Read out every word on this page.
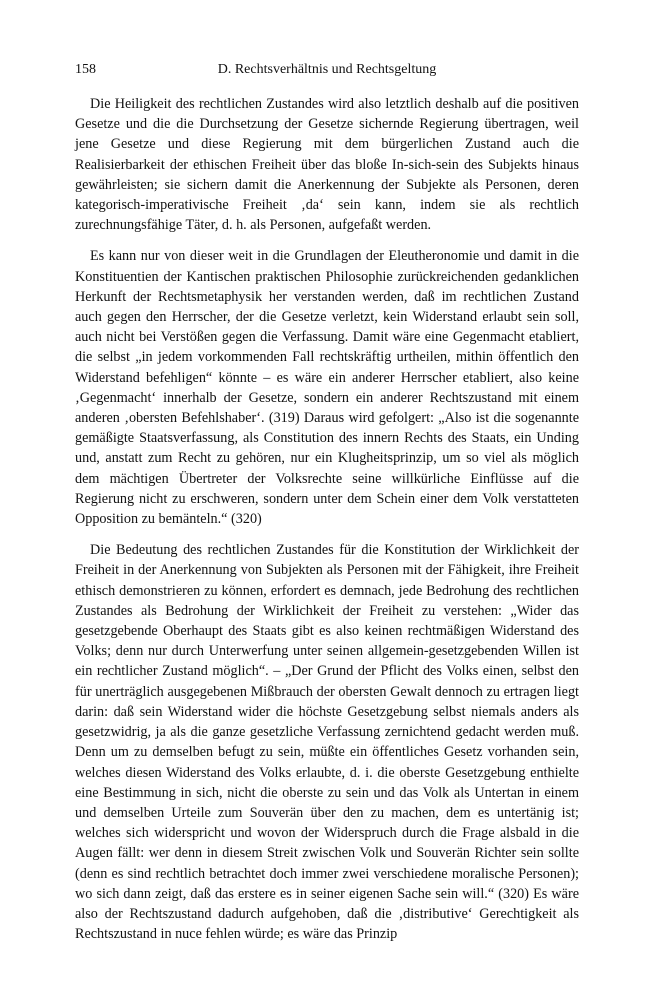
158	D. Rechtsverhältnis und Rechtsgeltung

Die Heiligkeit des rechtlichen Zustandes wird also letztlich deshalb auf die positiven Gesetze und die die Durchsetzung der Gesetze sichernde Regierung übertragen, weil jene Gesetze und diese Regierung mit dem bürgerlichen Zustand auch die Realisierbarkeit der ethischen Freiheit über das bloße In-sich-sein des Subjekts hinaus gewährleisten; sie sichern damit die Anerkennung der Subjekte als Personen, deren kategorisch-imperativische Freiheit ‚da‘ sein kann, indem sie als rechtlich zurechnungsfähige Täter, d. h. als Personen, aufgefaßt werden.

Es kann nur von dieser weit in die Grundlagen der Eleutheronomie und damit in die Konstituentien der Kantischen praktischen Philosophie zurückreichenden gedanklichen Herkunft der Rechtsmetaphysik her verstanden werden, daß im rechtlichen Zustand auch gegen den Herrscher, der die Gesetze verletzt, kein Widerstand erlaubt sein soll, auch nicht bei Verstößen gegen die Verfassung. Damit wäre eine Gegenmacht etabliert, die selbst „in jedem vorkommenden Fall rechtskräftig urtheilen, mithin öffentlich den Widerstand befehligen“ könnte – es wäre ein anderer Herrscher etabliert, also keine ‚Gegenmacht‘ innerhalb der Gesetze, sondern ein anderer Rechtszustand mit einem anderen ‚obersten Befehlshaber‘. (319) Daraus wird gefolgert: „Also ist die sogenannte gemäßigte Staatsverfassung, als Constitution des innern Rechts des Staats, ein Unding und, anstatt zum Recht zu gehören, nur ein Klugheitsprinzip, um so viel als möglich dem mächtigen Übertreter der Volksrechte seine willkürliche Einflüsse auf die Regierung nicht zu erschweren, sondern unter dem Schein einer dem Volk verstatteten Opposition zu bemänteln.“ (320)

Die Bedeutung des rechtlichen Zustandes für die Konstitution der Wirklichkeit der Freiheit in der Anerkennung von Subjekten als Personen mit der Fähigkeit, ihre Freiheit ethisch demonstrieren zu können, erfordert es demnach, jede Bedrohung des rechtlichen Zustandes als Bedrohung der Wirklichkeit der Freiheit zu verstehen: „Wider das gesetzgebende Oberhaupt des Staats gibt es also keinen rechtmäßigen Widerstand des Volks; denn nur durch Unterwerfung unter seinen allgemein-gesetzgebenden Willen ist ein rechtlicher Zustand möglich“. – „Der Grund der Pflicht des Volks einen, selbst den für unerträglich ausgegebenen Mißbrauch der obersten Gewalt dennoch zu ertragen liegt darin: daß sein Widerstand wider die höchste Gesetzgebung selbst niemals anders als gesetzwidrig, ja als die ganze gesetzliche Verfassung zernichtend gedacht werden muß. Denn um zu demselben befugt zu sein, müßte ein öffentliches Gesetz vorhanden sein, welches diesen Widerstand des Volks erlaubte, d. i. die oberste Gesetzgebung enthielte eine Bestimmung in sich, nicht die oberste zu sein und das Volk als Untertan in einem und demselben Urteile zum Souverän über den zu machen, dem es untertänig ist; welches sich widerspricht und wovon der Widerspruch durch die Frage alsbald in die Augen fällt: wer denn in diesem Streit zwischen Volk und Souverän Richter sein sollte (denn es sind rechtlich betrachtet doch immer zwei verschiedene moralische Personen); wo sich dann zeigt, daß das erstere es in seiner eigenen Sache sein will.“ (320) Es wäre also der Rechtszustand dadurch aufgehoben, daß die ‚distributive‘ Gerechtigkeit als Rechtszustand in nuce fehlen würde; es wäre das Prinzip
